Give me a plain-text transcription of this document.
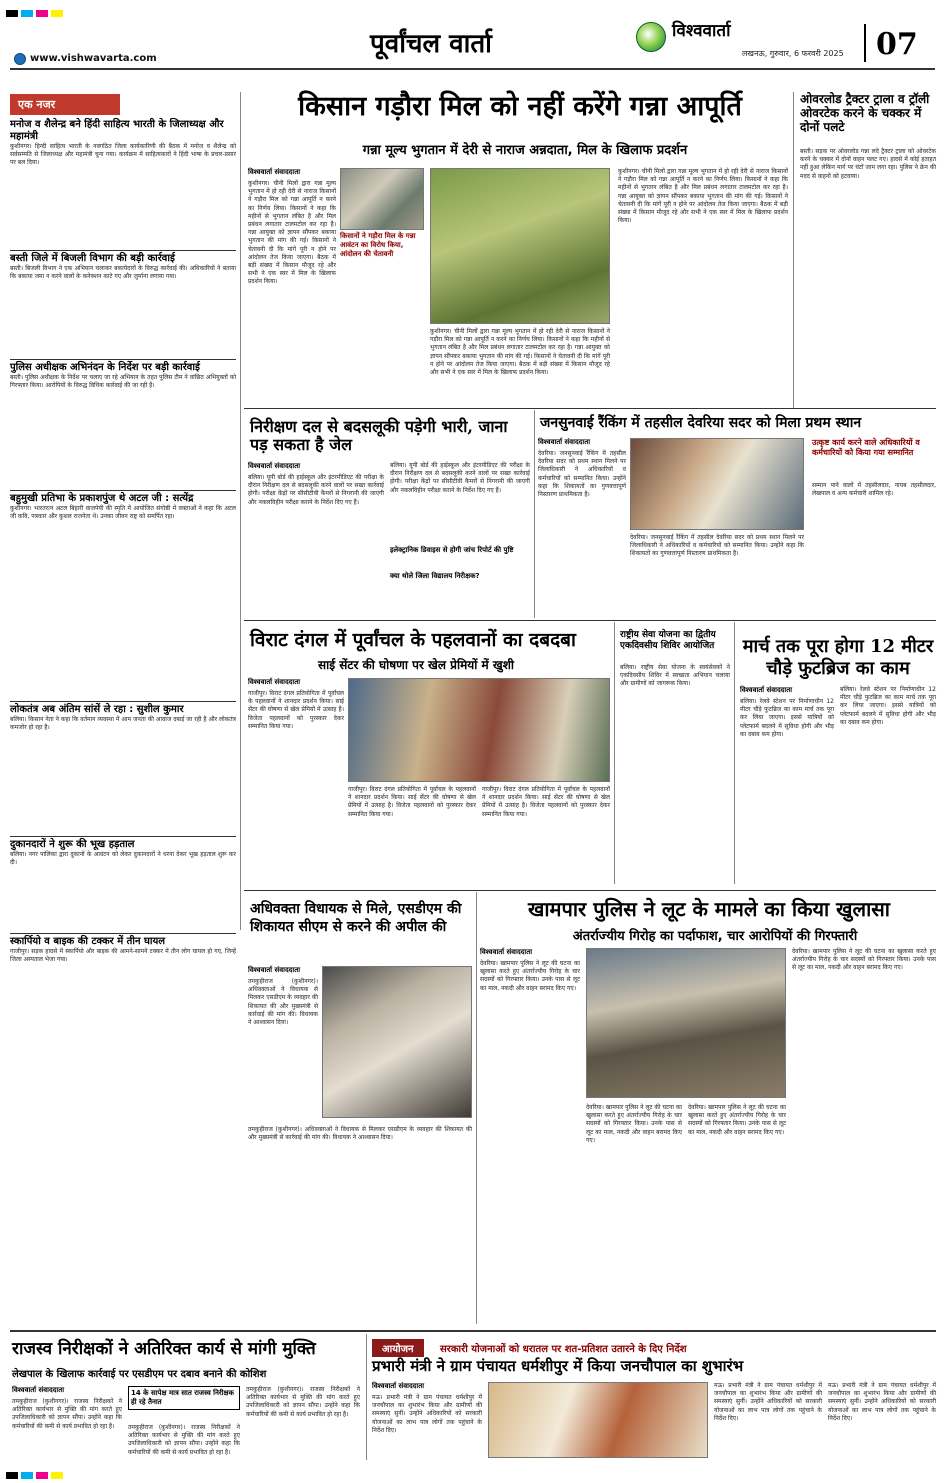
पूर्वांचल वार्ता	विश्ववार्ता
लखनऊ, गुरुवार, 6 फरवरी 2025 07
www.vishwavarta.com
एक नजर
मनोज व शैलेन्द्र बने हिंदी साहित्य भारती के जिलाध्यक्ष और महामंत्री
कुशीनगर। हिन्दी साहित्य भारती के नवगठित जिला कार्यकारिणी की बैठक में मनोज व शैलेन्द्र को सर्वसम्मति से जिलाध्यक्ष और महामंत्री चुना गया। कार्यक्रम में साहित्यकारों ने हिंदी भाषा के प्रचार-प्रसार पर बल दिया।
बस्ती जिले में बिजली विभाग की बड़ी कार्रवाई
बस्ती। बिजली विभाग ने एक अभियान चलाकर बकायेदारों के विरुद्ध कार्रवाई की। अधिकारियों ने बताया कि बकाया जमा न करने वालों के कनेक्शन काटे गए और जुर्माना लगाया गया।
पुलिस अधीक्षक अभिनंदन के निर्देश पर बड़ी कार्रवाई
बस्ती। पुलिस अधीक्षक के निर्देश पर चलाए जा रहे अभियान के तहत पुलिस टीम ने वांछित अभियुक्तों को गिरफ्तार किया। आरोपियों के विरुद्ध विधिक कार्रवाई की जा रही है।
बहुमुखी प्रतिभा के प्रकाशपुंज थे अटल जी : सत्येंद्र
कुशीनगर। भारतरत्न अटल बिहारी वाजपेयी की स्मृति में आयोजित संगोष्ठी में वक्ताओं ने कहा कि अटल जी कवि, पत्रकार और कुशल राजनेता थे। उनका जीवन राष्ट्र को समर्पित रहा।
लोकतंत्र अब अंतिम सांसें ले रहा : सुशील कुमार
बलिया। किसान नेता ने कहा कि वर्तमान व्यवस्था में आम जनता की आवाज दबाई जा रही है और लोकतंत्र कमजोर हो रहा है।
दुकानदारों ने शुरू की भूख हड़ताल
बलिया। नगर पालिका द्वारा दुकानों के आवंटन को लेकर दुकानदारों ने धरना देकर भूख हड़ताल शुरू कर दी।
स्कार्पियो व बाइक की टक्कर में तीन घायल
गाजीपुर। सड़क हादसे में स्कार्पियो और बाइक की आमने-सामने टक्कर में तीन लोग घायल हो गए, जिन्हें जिला अस्पताल भेजा गया।
किसान गड़ौरा मिल को नहीं करेंगे गन्ना आपूर्ति
गन्ना मूल्य भुगतान में देरी से नाराज अन्नदाता, मिल के खिलाफ प्रदर्शन
विश्ववार्ता संवाददाता
कुशीनगर। चीनी मिलों द्वारा गन्ना मूल्य भुगतान में हो रही देरी से नाराज किसानों ने गड़ौरा मिल को गन्ना आपूर्ति न करने का निर्णय लिया। किसानों ने कहा कि महीनों से भुगतान लंबित है और मिल प्रबंधन लगातार टालमटोल कर रहा है। गन्ना आयुक्त को ज्ञापन सौंपकर बकाया भुगतान की मांग की गई। किसानों ने चेतावनी दी कि मांगें पूरी न होने पर आंदोलन तेज किया जाएगा। बैठक में बड़ी संख्या में किसान मौजूद रहे और सभी ने एक स्वर में मिल के खिलाफ प्रदर्शन किया।
किसानों ने गड़ौरा मिल के गन्ना आवंटन का विरोध किया, आंदोलन की चेतावनी
कुशीनगर। चीनी मिलों द्वारा गन्ना मूल्य भुगतान में हो रही देरी से नाराज किसानों ने गड़ौरा मिल को गन्ना आपूर्ति न करने का निर्णय लिया। किसानों ने कहा कि महीनों से भुगतान लंबित है और मिल प्रबंधन लगातार टालमटोल कर रहा है। गन्ना आयुक्त को ज्ञापन सौंपकर बकाया भुगतान की मांग की गई। किसानों ने चेतावनी दी कि मांगें पूरी न होने पर आंदोलन तेज किया जाएगा। बैठक में बड़ी संख्या में किसान मौजूद रहे और सभी ने एक स्वर में मिल के खिलाफ प्रदर्शन किया।
कुशीनगर। चीनी मिलों द्वारा गन्ना मूल्य भुगतान में हो रही देरी से नाराज किसानों ने गड़ौरा मिल को गन्ना आपूर्ति न करने का निर्णय लिया। किसानों ने कहा कि महीनों से भुगतान लंबित है और मिल प्रबंधन लगातार टालमटोल कर रहा है। गन्ना आयुक्त को ज्ञापन सौंपकर बकाया भुगतान की मांग की गई। किसानों ने चेतावनी दी कि मांगें पूरी न होने पर आंदोलन तेज किया जाएगा। बैठक में बड़ी संख्या में किसान मौजूद रहे और सभी ने एक स्वर में मिल के खिलाफ प्रदर्शन किया।
ओवरलोड ट्रैक्टर ट्राला व ट्रॉली ओवरटेक करने के चक्कर में दोनों पलटे
बस्ती। सड़क पर ओवरलोड गन्ना लदे ट्रैक्टर ट्राला को ओवरटेक करने के चक्कर में दोनों वाहन पलट गए। हादसे में कोई हताहत नहीं हुआ लेकिन मार्ग पर घंटों जाम लगा रहा। पुलिस ने क्रेन की मदद से वाहनों को हटवाया।
निरीक्षण दल से बदसलूकी पड़ेगी भारी, जाना पड़ सकता है जेल
विश्ववार्ता संवाददाता
बलिया। यूपी बोर्ड की हाईस्कूल और इंटरमीडिएट की परीक्षा के दौरान निरीक्षण दल से बदसलूकी करने वालों पर सख्त कार्रवाई होगी। परीक्षा केंद्रों पर सीसीटीवी कैमरों से निगरानी की जाएगी और नकलविहीन परीक्षा कराने के निर्देश दिए गए हैं।
बलिया। यूपी बोर्ड की हाईस्कूल और इंटरमीडिएट की परीक्षा के दौरान निरीक्षण दल से बदसलूकी करने वालों पर सख्त कार्रवाई होगी। परीक्षा केंद्रों पर सीसीटीवी कैमरों से निगरानी की जाएगी और नकलविहीन परीक्षा कराने के निर्देश दिए गए हैं।
इलेक्ट्रानिक डिवाइस से होगी जांच रिपोर्ट की पुष्टि
क्या थोले जिला विद्यालय निरीक्षक?
जनसुनवाई रैंकिंग में तहसील देवरिया सदर को मिला प्रथम स्थान
विश्ववार्ता संवाददाता
देवरिया। जनसुनवाई रैंकिंग में तहसील देवरिया सदर को प्रथम स्थान मिलने पर जिलाधिकारी ने अधिकारियों व कर्मचारियों को सम्मानित किया। उन्होंने कहा कि शिकायतों का गुणवत्तापूर्ण निस्तारण प्राथमिकता है।
देवरिया। जनसुनवाई रैंकिंग में तहसील देवरिया सदर को प्रथम स्थान मिलने पर जिलाधिकारी ने अधिकारियों व कर्मचारियों को सम्मानित किया। उन्होंने कहा कि शिकायतों का गुणवत्तापूर्ण निस्तारण प्राथमिकता है।
उत्कृष्ट कार्य करने वाले अधिकारियों व कर्मचारियों को किया गया सम्मानित
सम्मान पाने वालों में तहसीलदार, नायब तहसीलदार, लेखपाल व अन्य कर्मचारी शामिल रहे।
विराट दंगल में पूर्वांचल के पहलवानों का दबदबा
साई सेंटर की घोषणा पर खेल प्रेमियों में खुशी
विश्ववार्ता संवाददाता
गाजीपुर। विराट दंगल प्रतियोगिता में पूर्वांचल के पहलवानों ने शानदार प्रदर्शन किया। साई सेंटर की घोषणा से खेल प्रेमियों में उत्साह है। विजेता पहलवानों को पुरस्कार देकर सम्मानित किया गया।
गाजीपुर। विराट दंगल प्रतियोगिता में पूर्वांचल के पहलवानों ने शानदार प्रदर्शन किया। साई सेंटर की घोषणा से खेल प्रेमियों में उत्साह है। विजेता पहलवानों को पुरस्कार देकर सम्मानित किया गया।
गाजीपुर। विराट दंगल प्रतियोगिता में पूर्वांचल के पहलवानों ने शानदार प्रदर्शन किया। साई सेंटर की घोषणा से खेल प्रेमियों में उत्साह है। विजेता पहलवानों को पुरस्कार देकर सम्मानित किया गया।
राष्ट्रीय सेवा योजना का द्वितीय एकदिवसीय शिविर आयोजित
बलिया। राष्ट्रीय सेवा योजना के स्वयंसेवकों ने एकदिवसीय शिविर में स्वच्छता अभियान चलाया और ग्रामीणों को जागरूक किया।
मार्च तक पूरा होगा 12 मीटर चौड़े फुटब्रिज का काम
विश्ववार्ता संवाददाता
बलिया। रेलवे स्टेशन पर निर्माणाधीन 12 मीटर चौड़े फुटब्रिज का काम मार्च तक पूरा कर लिया जाएगा। इससे यात्रियों को प्लेटफार्म बदलने में सुविधा होगी और भीड़ का दबाव कम होगा।
बलिया। रेलवे स्टेशन पर निर्माणाधीन 12 मीटर चौड़े फुटब्रिज का काम मार्च तक पूरा कर लिया जाएगा। इससे यात्रियों को प्लेटफार्म बदलने में सुविधा होगी और भीड़ का दबाव कम होगा।
अधिवक्ता विधायक से मिले, एसडीएम की शिकायत सीएम से करने की अपील की
विश्ववार्ता संवाददाता
तमकुहीराज (कुशीनगर)। अधिवक्ताओं ने विधायक से मिलकर एसडीएम के व्यवहार की शिकायत की और मुख्यमंत्री से कार्रवाई की मांग की। विधायक ने आश्वासन दिया।
तमकुहीराज (कुशीनगर)। अधिवक्ताओं ने विधायक से मिलकर एसडीएम के व्यवहार की शिकायत की और मुख्यमंत्री से कार्रवाई की मांग की। विधायक ने आश्वासन दिया।
खामपार पुलिस ने लूट के मामले का किया खुलासा
अंतर्राज्यीय गिरोह का पर्दाफाश, चार आरोपियों की गिरफ्तारी
विश्ववार्ता संवाददाता
देवरिया। खामपार पुलिस ने लूट की घटना का खुलासा करते हुए अंतर्राज्यीय गिरोह के चार सदस्यों को गिरफ्तार किया। उनके पास से लूट का माल, नकदी और वाहन बरामद किए गए।
देवरिया। खामपार पुलिस ने लूट की घटना का खुलासा करते हुए अंतर्राज्यीय गिरोह के चार सदस्यों को गिरफ्तार किया। उनके पास से लूट का माल, नकदी और वाहन बरामद किए गए।
देवरिया। खामपार पुलिस ने लूट की घटना का खुलासा करते हुए अंतर्राज्यीय गिरोह के चार सदस्यों को गिरफ्तार किया। उनके पास से लूट का माल, नकदी और वाहन बरामद किए गए।
देवरिया। खामपार पुलिस ने लूट की घटना का खुलासा करते हुए अंतर्राज्यीय गिरोह के चार सदस्यों को गिरफ्तार किया। उनके पास से लूट का माल, नकदी और वाहन बरामद किए गए।
राजस्व निरीक्षकों ने अतिरिक्त कार्य से मांगी मुक्ति
लेखपाल के खिलाफ कार्रवाई पर एसडीएम पर दबाव बनाने की कोशिश
विश्ववार्ता संवाददाता
तमकुहीराज (कुशीनगर)। राजस्व निरीक्षकों ने अतिरिक्त कार्यभार से मुक्ति की मांग करते हुए उपजिलाधिकारी को ज्ञापन सौंपा। उन्होंने कहा कि कर्मचारियों की कमी से कार्य प्रभावित हो रहा है।
14 के सापेक्ष मात्र सात राजस्व निरीक्षक ही रहे तैनात
तमकुहीराज (कुशीनगर)। राजस्व निरीक्षकों ने अतिरिक्त कार्यभार से मुक्ति की मांग करते हुए उपजिलाधिकारी को ज्ञापन सौंपा। उन्होंने कहा कि कर्मचारियों की कमी से कार्य प्रभावित हो रहा है।
तमकुहीराज (कुशीनगर)। राजस्व निरीक्षकों ने अतिरिक्त कार्यभार से मुक्ति की मांग करते हुए उपजिलाधिकारी को ज्ञापन सौंपा। उन्होंने कहा कि कर्मचारियों की कमी से कार्य प्रभावित हो रहा है।
आयोजन	सरकारी योजनाओं को धरातल पर शत-प्रतिशत उतारने के दिए निर्देश
प्रभारी मंत्री ने ग्राम पंचायत धर्मशीपुर में किया जनचौपाल का शुभारंभ
विश्ववार्ता संवाददाता
मऊ। प्रभारी मंत्री ने ग्राम पंचायत धर्मशीपुर में जनचौपाल का शुभारंभ किया और ग्रामीणों की समस्याएं सुनीं। उन्होंने अधिकारियों को सरकारी योजनाओं का लाभ पात्र लोगों तक पहुंचाने के निर्देश दिए।
मऊ। प्रभारी मंत्री ने ग्राम पंचायत धर्मशीपुर में जनचौपाल का शुभारंभ किया और ग्रामीणों की समस्याएं सुनीं। उन्होंने अधिकारियों को सरकारी योजनाओं का लाभ पात्र लोगों तक पहुंचाने के निर्देश दिए।
मऊ। प्रभारी मंत्री ने ग्राम पंचायत धर्मशीपुर में जनचौपाल का शुभारंभ किया और ग्रामीणों की समस्याएं सुनीं। उन्होंने अधिकारियों को सरकारी योजनाओं का लाभ पात्र लोगों तक पहुंचाने के निर्देश दिए।
